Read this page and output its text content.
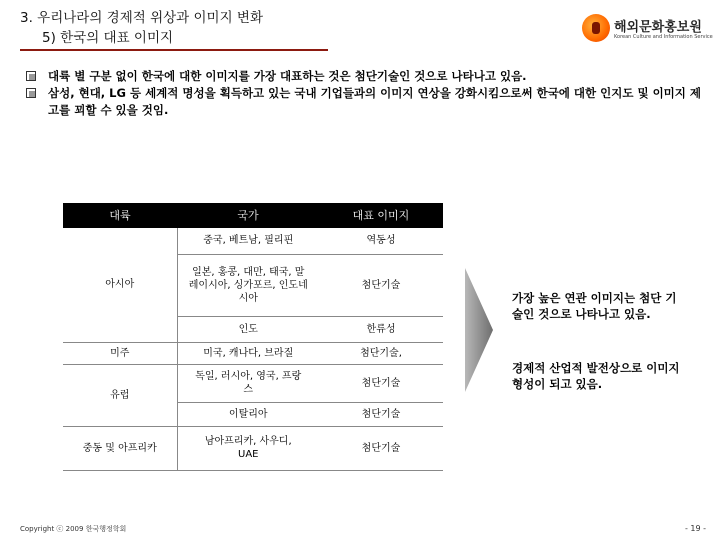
3. 우리나라의 경제적 위상과 이미지 변화
5) 한국의 대표 이미지
해외문화홍보원
Korean Culture and Information Service
대륙 별 구분 없이 한국에 대한 이미지를 가장 대표하는 것은 첨단기술인 것으로 나타나고 있음.
삼성, 현대, LG 등 세계적 명성을 획득하고 있는 국내 기업들과의 이미지 연상을 강화시킴으로써 한국에 대한 인지도 및 이미지 제고를 꾀할 수 있을 것임.
대륙	국가	대표 이미지
아시아	중국, 베트남, 필리핀	역동성
	일본, 홍콩, 대만, 태국, 말레이시아, 싱가포르, 인도네시아	첨단기술
	인도	한류성
미주	미국, 캐나다, 브라질	첨단기술,
유럽	독일, 러시아, 영국, 프랑스	첨단기술
	이탈리아	첨단기술
중동 및 아프리카	남아프리카, 사우디, UAE	첨단기술
가장 높은 연관 이미지는 첨단 기술인 것으로 나타나고 있음.
경제적 산업적 발전상으로 이미지 형성이 되고 있음.
Copyright ⓒ 2009 한국행정학회	- 19 -
